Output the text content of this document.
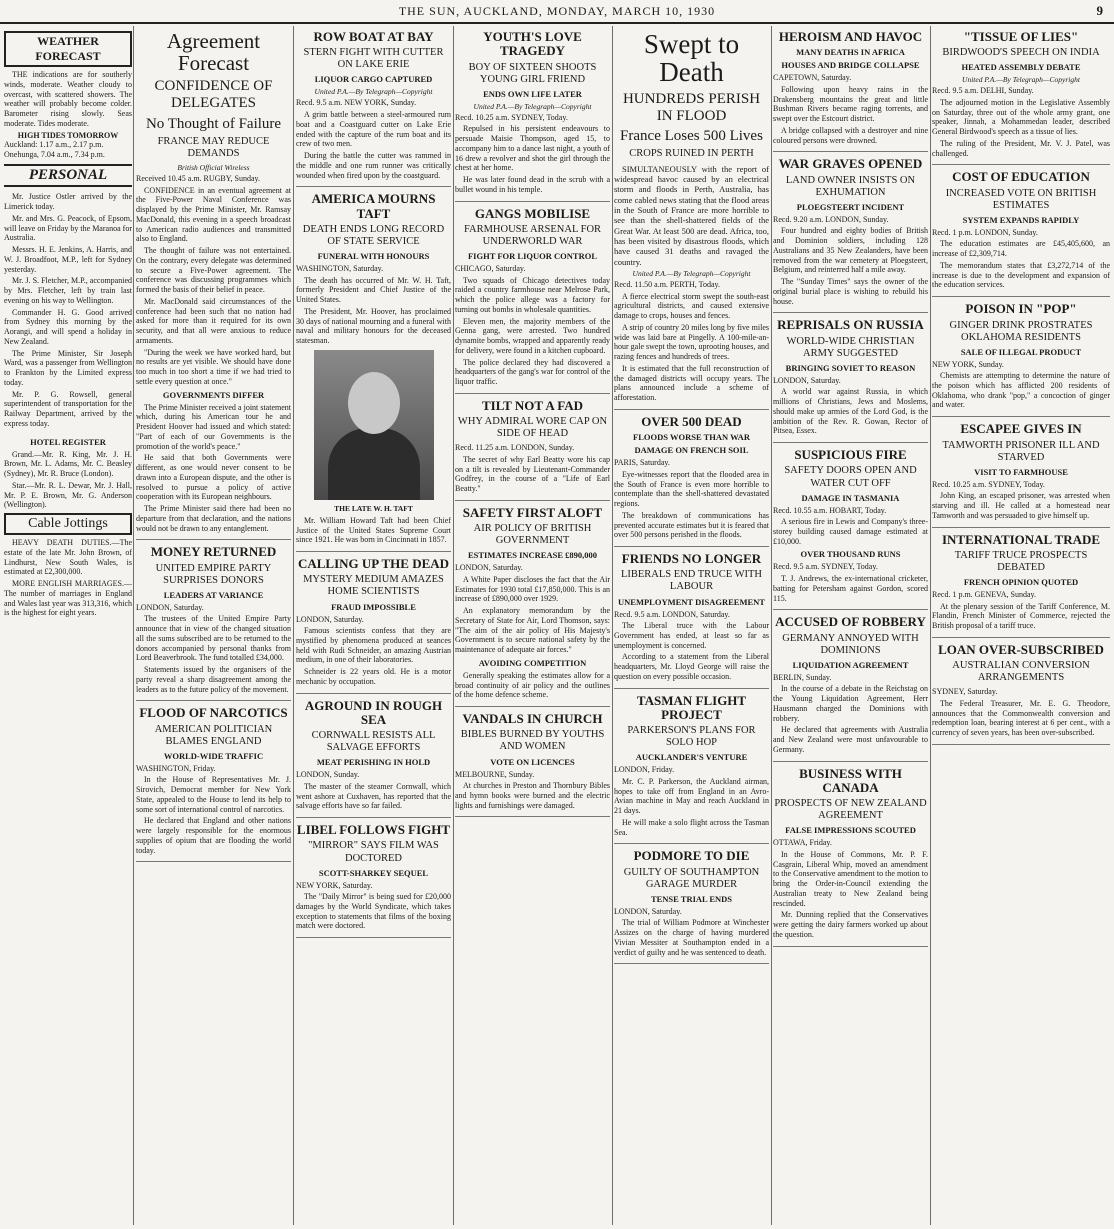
THE SUN, AUCKLAND, MONDAY, MARCH 10, 1930	9
WEATHER FORECAST

THE indications are for southerly winds, moderate. Weather cloudy to overcast, with scattered showers. The weather will probably become colder. Barometer rising slowly. Seas moderate. Tides moderate.

HIGH TIDES TOMORROW
Auckland: 1.17 a.m., 2.17 p.m.
Onehunga, 7.04 a.m., 7.34 p.m.
PERSONAL

Mr. Justice Ostler arrived by the Limerick today.

Mr. and Mrs. G. Peacock, of Epsom, will leave on Friday by the Maranoa for Australia.

Messrs. H. E. Jenkins, A. Harris, and W. J. Broadfoot, M.P., left for Sydney yesterday.

Mr. J. S. Fletcher, M.P., accompanied by Mrs. Fletcher, left by train last evening on his way to Wellington.

Commander H. G. Good arrived from Sydney this morning by the Aorangi, and will spend a holiday in New Zealand.

The Prime Minister, Sir Joseph Ward, was a passenger from Wellington to Frankton by the Limited express today.

Mr. P. G. Rowsell, general superintendent of transportation for the Railway Department, arrived by the express today.

HOTEL REGISTER

Grand.—Mr. R. King, Mr. J. H. Brown, Mr. L. Adams, Mr. C. Beasley (Sydney), Mr. R. Bruce (London).

Star.—Mr. R. L. Dewar, Mr. J. Hall, Mr. P. E. Brown, Mr. G. Anderson (Wellington).

Cable Jottings

HEAVY DEATH DUTIES.—The estate of the late Mr. John Brown, of Lindhurst, New South Wales, is estimated at £2,300,000.

MORE ENGLISH MARRIAGES.—The number of marriages in England and Wales last year was 313,316, which is the highest for eight years.

Agreement Forecast
CONFIDENCE OF DELEGATES
No Thought of Failure
FRANCE MAY REDUCE DEMANDS
British Official Wireless
Received 10.45 a.m. RUGBY, Sunday.

CONFIDENCE in an eventual agreement at the Five-Power Naval Conference was displayed by the Prime Minister, Mr. Ramsay MacDonald, this evening in a speech broadcast to American radio audiences and transmitted also to England.

The thought of failure was not entertained. On the contrary, every delegate was determined to secure a Five-Power agreement. The conference was discussing programmes which formed the basis of their belief in peace.

Mr. MacDonald said circumstances of the conference had been such that no nation had asked for more than it required for its own security, and that all were anxious to reduce armaments.

"During the week we have worked hard, but no results are yet visible. We should have done too much in too short a time if we had tried to settle every question at once."

GOVERNMENTS DIFFER

The Prime Minister received a joint statement which, during his American tour he and President Hoover had issued and which stated: "Part of each of our Governments is the promotion of the world's peace."

He said that both Governments were different, as one would never consent to be drawn into a European dispute, and the other is resolved to pursue a policy of active cooperation with its European neighbours.

The Prime Minister said there had been no departure from that declaration, and the nations would not be drawn to any entanglement.

MONEY RETURNED
UNITED EMPIRE PARTY SURPRISES DONORS
LEADERS AT VARIANCE
LONDON, Saturday.

The trustees of the United Empire Party announce that in view of the changed situation all the sums subscribed are to be returned to the donors accompanied by personal thanks from Lord Beaverbrook. The fund totalled £34,000.

Statements issued by the organisers of the party reveal a sharp disagreement among the leaders as to the future policy of the movement.

FLOOD OF NARCOTICS
AMERICAN POLITICIAN BLAMES ENGLAND
WORLD-WIDE TRAFFIC
WASHINGTON, Friday.

In the House of Representatives Mr. J. Sirovich, Democrat member for New York State, appealed to the House to lend its help to some sort of international control of narcotics.

He declared that England and other nations were largely responsible for the enormous supplies of opium that are flooding the world today.

ROW BOAT AT BAY
STERN FIGHT WITH CUTTER ON LAKE ERIE
LIQUOR CARGO CAPTURED
United P.A.—By Telegraph—Copyright
Recd. 9.5 a.m. NEW YORK, Sunday.

A grim battle between a steel-armoured rum boat and a Coastguard cutter on Lake Erie ended with the capture of the rum boat and its crew of two men.

During the battle the cutter was rammed in the middle and one rum runner was critically wounded when fired upon by the coastguard.

AMERICA MOURNS TAFT
DEATH ENDS LONG RECORD OF STATE SERVICE
FUNERAL WITH HONOURS
WASHINGTON, Saturday.

The death has occurred of Mr. W. H. Taft, formerly President and Chief Justice of the United States.

The President, Mr. Hoover, has proclaimed 30 days of national mourning and a funeral with naval and military honours for the deceased statesman.

THE LATE W. H. TAFT

Mr. William Howard Taft had been Chief Justice of the United States Supreme Court since 1921. He was born in Cincinnati in 1857.

CALLING UP THE DEAD
MYSTERY MEDIUM AMAZES HOME SCIENTISTS
FRAUD IMPOSSIBLE
LONDON, Saturday.

Famous scientists confess that they are mystified by phenomena produced at seances held with Rudi Schneider, an amazing Austrian medium, in one of their laboratories.

Schneider is 22 years old. He is a motor mechanic by occupation.

AGROUND IN ROUGH SEA
CORNWALL RESISTS ALL SALVAGE EFFORTS
MEAT PERISHING IN HOLD
LONDON, Sunday.

The master of the steamer Cornwall, which went ashore at Cuxhaven, has reported that the salvage efforts have so far failed.

LIBEL FOLLOWS FIGHT
"MIRROR" SAYS FILM WAS DOCTORED
SCOTT-SHARKEY SEQUEL
NEW YORK, Saturday.

The "Daily Mirror" is being sued for £20,000 damages by the World Syndicate, which takes exception to statements that films of the boxing match were doctored.

YOUTH'S LOVE TRAGEDY
BOY OF SIXTEEN SHOOTS YOUNG GIRL FRIEND
ENDS OWN LIFE LATER
United P.A.—By Telegraph—Copyright
Recd. 10.25 a.m. SYDNEY, Today.

Repulsed in his persistent endeavours to persuade Maisie Thompson, aged 15, to accompany him to a dance last night, a youth of 16 drew a revolver and shot the girl through the chest at her home.

He was later found dead in the scrub with a bullet wound in his temple.

GANGS MOBILISE
FARMHOUSE ARSENAL FOR UNDERWORLD WAR
FIGHT FOR LIQUOR CONTROL
CHICAGO, Saturday.

Two squads of Chicago detectives today raided a country farmhouse near Melrose Park, which the police allege was a factory for turning out bombs in wholesale quantities.

Eleven men, the majority members of the Genna gang, were arrested. Two hundred dynamite bombs, wrapped and apparently ready for delivery, were found in a kitchen cupboard.

The police declared they had discovered a headquarters of the gang's war for control of the liquor traffic.

TILT NOT A FAD
WHY ADMIRAL WORE CAP ON SIDE OF HEAD
Recd. 11.25 a.m. LONDON, Sunday.

The secret of why Earl Beatty wore his cap on a tilt is revealed by Lieutenant-Commander Godfrey, in the course of a "Life of Earl Beatty."

SAFETY FIRST ALOFT
AIR POLICY OF BRITISH GOVERNMENT
ESTIMATES INCREASE £890,000
LONDON, Saturday.

A White Paper discloses the fact that the Air Estimates for 1930 total £17,850,000. This is an increase of £890,000 over 1929.

An explanatory memorandum by the Secretary of State for Air, Lord Thomson, says: "The aim of the air policy of His Majesty's Government is to secure national safety by the maintenance of adequate air forces."

AVOIDING COMPETITION

Generally speaking the estimates allow for a broad continuity of air policy and the outlines of the home defence scheme.

VANDALS IN CHURCH
BIBLES BURNED BY YOUTHS AND WOMEN
VOTE ON LICENCES
MELBOURNE, Sunday.

At churches in Preston and Thornbury Bibles and hymn books were burned and the electric lights and furnishings were damaged.

Swept to Death
HUNDREDS PERISH IN FLOOD
France Loses 500 Lives
CROPS RUINED IN PERTH

SIMULTANEOUSLY with the report of widespread havoc caused by an electrical storm and floods in Perth, Australia, has come cabled news stating that the flood areas in the South of France are more horrible to see than the shell-shattered fields of the Great War. At least 500 are dead. Africa, too, has been visited by disastrous floods, which have caused 31 deaths and ravaged the country.

United P.A.—By Telegraph—Copyright
Recd. 11.50 a.m. PERTH, Today.

A fierce electrical storm swept the south-east agricultural districts, and caused extensive damage to crops, houses and fences.

A strip of country 20 miles long by five miles wide was laid bare at Pingelly. A 100-mile-an-hour gale swept the town, uprooting houses, and razing fences and hundreds of trees.

It is estimated that the full reconstruction of the damaged districts will occupy years. The plans announced include a scheme of afforestation.

OVER 500 DEAD
FLOODS WORSE THAN WAR
DAMAGE ON FRENCH SOIL
PARIS, Saturday.

Eye-witnesses report that the flooded area in the South of France is even more horrible to contemplate than the shell-shattered devastated regions.

The breakdown of communications has prevented accurate estimates but it is feared that over 500 persons perished in the floods.

FRIENDS NO LONGER
LIBERALS END TRUCE WITH LABOUR
UNEMPLOYMENT DISAGREEMENT
Recd. 9.5 a.m. LONDON, Saturday.

The Liberal truce with the Labour Government has ended, at least so far as unemployment is concerned.

According to a statement from the Liberal headquarters, Mr. Lloyd George will raise the question on every possible occasion.

TASMAN FLIGHT PROJECT
PARKERSON'S PLANS FOR SOLO HOP
AUCKLANDER'S VENTURE
LONDON, Friday.

Mr. C. P. Parkerson, the Auckland airman, hopes to take off from England in an Avro-Avian machine in May and reach Auckland in 21 days.

He will make a solo flight across the Tasman Sea.

PODMORE TO DIE
GUILTY OF SOUTHAMPTON GARAGE MURDER
TENSE TRIAL ENDS
LONDON, Saturday.

The trial of William Podmore at Winchester Assizes on the charge of having murdered Vivian Messiter at Southampton ended in a verdict of guilty and he was sentenced to death.

HEROISM AND HAVOC
MANY DEATHS IN AFRICA
HOUSES AND BRIDGE COLLAPSE
CAPETOWN, Saturday.

Following upon heavy rains in the Drakensberg mountains the great and little Bushman Rivers became raging torrents, and swept over the Estcourt district.

A bridge collapsed with a destroyer and nine coloured persons were drowned.

WAR GRAVES OPENED
LAND OWNER INSISTS ON EXHUMATION
PLOEGSTEERT INCIDENT
Recd. 9.20 a.m. LONDON, Sunday.

Four hundred and eighty bodies of British and Dominion soldiers, including 128 Australians and 35 New Zealanders, have been removed from the war cemetery at Ploegsteert, Belgium, and reinterred half a mile away.

The "Sunday Times" says the owner of the original burial place is wishing to rebuild his house.

REPRISALS ON RUSSIA
WORLD-WIDE CHRISTIAN ARMY SUGGESTED
BRINGING SOVIET TO REASON
LONDON, Saturday.

A world war against Russia, in which millions of Christians, Jews and Moslems, should make up armies of the Lord God, is the ambition of the Rev. R. Gowan, Rector of Pitsea, Essex.

SUSPICIOUS FIRE
SAFETY DOORS OPEN AND WATER CUT OFF
DAMAGE IN TASMANIA
Recd. 10.55 a.m. HOBART, Today.

A serious fire in Lewis and Company's three-storey building caused damage estimated at £10,000.

OVER THOUSAND RUNS
Recd. 9.5 a.m. SYDNEY, Today.

T. J. Andrews, the ex-international cricketer, batting for Petersham against Gordon, scored 115.

ACCUSED OF ROBBERY
GERMANY ANNOYED WITH DOMINIONS
LIQUIDATION AGREEMENT
BERLIN, Sunday.

In the course of a debate in the Reichstag on the Young Liquidation Agreement, Herr Hausmann charged the Dominions with robbery.

He declared that agreements with Australia and New Zealand were most unfavourable to Germany.

BUSINESS WITH CANADA
PROSPECTS OF NEW ZEALAND AGREEMENT
FALSE IMPRESSIONS SCOUTED
OTTAWA, Friday.

In the House of Commons, Mr. P. F. Casgrain, Liberal Whip, moved an amendment to the Conservative amendment to the motion to bring the Order-in-Council extending the Australian treaty to New Zealand being rescinded.

Mr. Dunning replied that the Conservatives were getting the dairy farmers worked up about the question.

"TISSUE OF LIES"
BIRDWOOD'S SPEECH ON INDIA
HEATED ASSEMBLY DEBATE
United P.A.—By Telegraph—Copyright
Recd. 9.5 a.m. DELHI, Sunday.

The adjourned motion in the Legislative Assembly on Saturday, three out of the whole army grant, one speaker, Jinnah, a Mohammedan leader, described General Birdwood's speech as a tissue of lies.

The ruling of the President, Mr. V. J. Patel, was challenged.

COST OF EDUCATION
INCREASED VOTE ON BRITISH ESTIMATES
SYSTEM EXPANDS RAPIDLY
Recd. 1 p.m. LONDON, Sunday.

The education estimates are £45,405,600, an increase of £2,309,714.

The memorandum states that £3,272,714 of the increase is due to the development and expansion of the education services.

POISON IN "POP"
GINGER DRINK PROSTRATES OKLAHOMA RESIDENTS
SALE OF ILLEGAL PRODUCT
NEW YORK, Sunday.

Chemists are attempting to determine the nature of the poison which has afflicted 200 residents of Oklahoma, who drank "pop," a concoction of ginger and water.

ESCAPEE GIVES IN
TAMWORTH PRISONER ILL AND STARVED
VISIT TO FARMHOUSE
Recd. 10.25 a.m. SYDNEY, Today.

John King, an escaped prisoner, was arrested when starving and ill. He called at a homestead near Tamworth and was persuaded to give himself up.

INTERNATIONAL TRADE
TARIFF TRUCE PROSPECTS DEBATED
FRENCH OPINION QUOTED
Recd. 1 p.m. GENEVA, Sunday.

At the plenary session of the Tariff Conference, M. Flandin, French Minister of Commerce, rejected the British proposal of a tariff truce.

LOAN OVER-SUBSCRIBED
AUSTRALIAN CONVERSION ARRANGEMENTS
SYDNEY, Saturday.

The Federal Treasurer, Mr. E. G. Theodore, announces that the Commonwealth conversion and redemption loan, bearing interest at 6 per cent., with a currency of seven years, has been over-subscribed.
